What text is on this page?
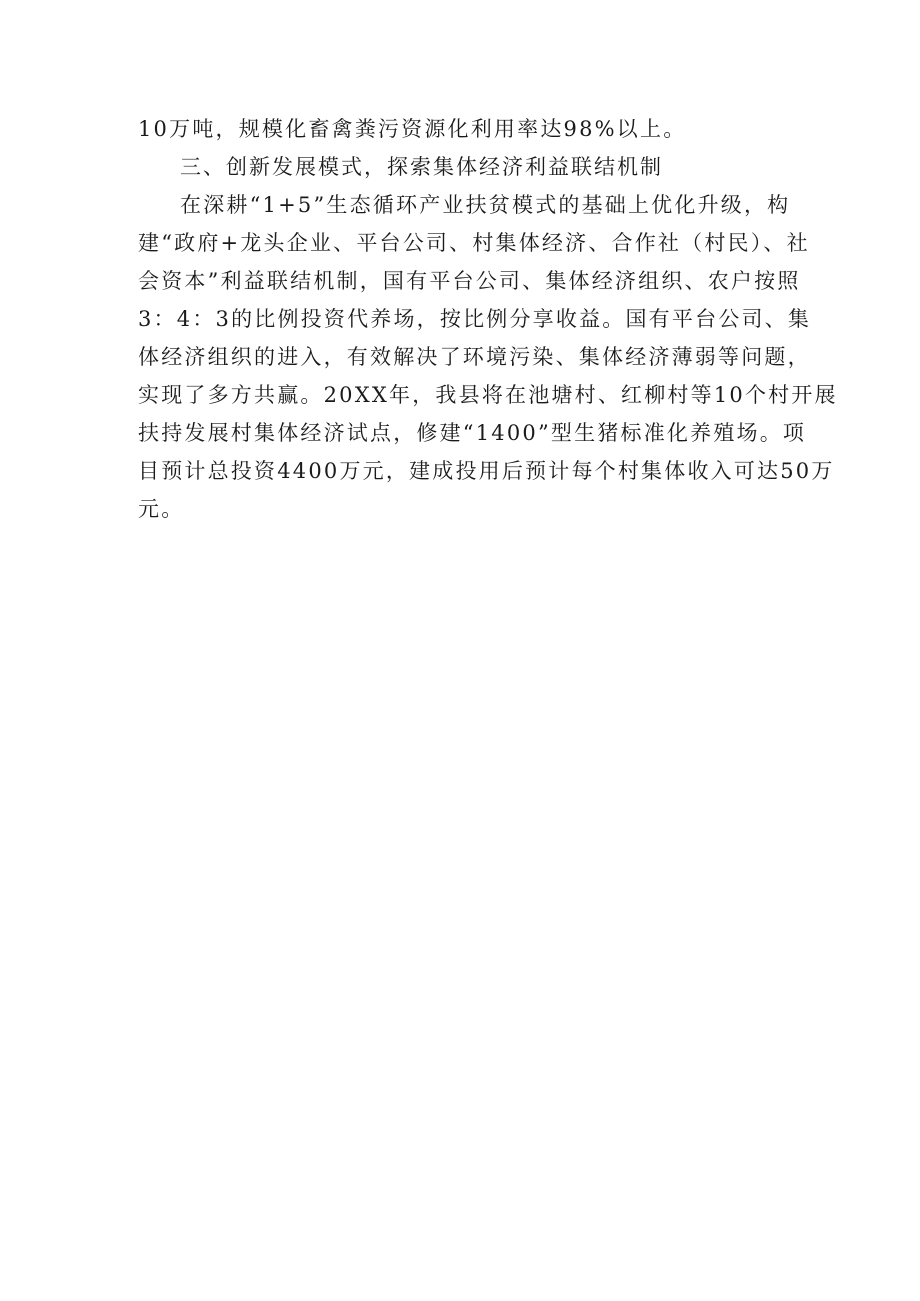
10万吨，规模化畜禽粪污资源化利用率达98%以上。
三、创新发展模式，探索集体经济利益联结机制
在深耕“1+5”生态循环产业扶贫模式的基础上优化升级，构
建“政府+龙头企业、平台公司、村集体经济、合作社（村民）、社
会资本”利益联结机制，国有平台公司、集体经济组织、农户按照
3：4：3的比例投资代养场，按比例分享收益。国有平台公司、集
体经济组织的进入，有效解决了环境污染、集体经济薄弱等问题，
实现了多方共赢。20XX年，我县将在池塘村、红柳村等10个村开展
扶持发展村集体经济试点，修建“1400”型生猪标准化养殖场。项
目预计总投资4400万元，建成投用后预计每个村集体收入可达50万
元。
